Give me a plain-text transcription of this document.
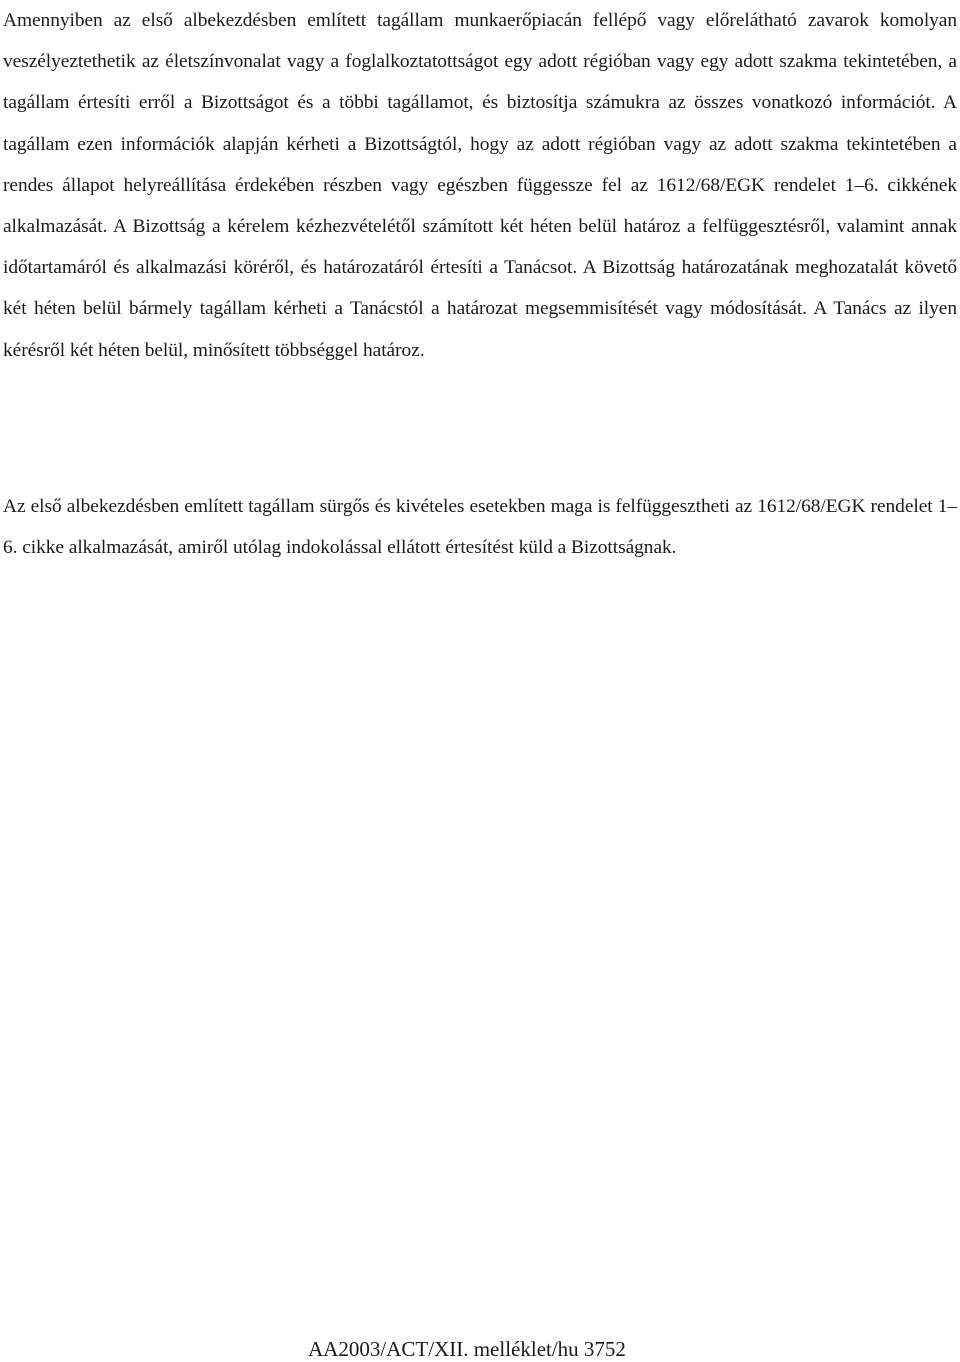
Amennyiben az első albekezdésben említett tagállam munkaerőpiacán fellépő vagy előrelátható zavarok komolyan veszélyeztethetik az életszínvonalat vagy a foglalkoztatottságot egy adott régióban vagy egy adott szakma tekintetében, a tagállam értesíti erről a Bizottságot és a többi tagállamot, és biztosítja számukra az összes vonatkozó információt. A tagállam ezen információk alapján kérheti a Bizottságtól, hogy az adott régióban vagy az adott szakma tekintetében a rendes állapot helyreállítása érdekében részben vagy egészben függessze fel az 1612/68/EGK rendelet 1–6. cikkének alkalmazását. A Bizottság a kérelem kézhezvételétől számított két héten belül határoz a felfüggesztésről, valamint annak időtartamáról és alkalmazási köréről, és határozatáról értesíti a Tanácsot. A Bizottság határozatának meghozatalát követő két héten belül bármely tagállam kérheti a Tanácstól a határozat megsemmisítését vagy módosítását. A Tanács az ilyen kérésről két héten belül, minősített többséggel határoz.

Az első albekezdésben említett tagállam sürgős és kivételes esetekben maga is felfüggesztheti az 1612/68/EGK rendelet 1–6. cikke alkalmazását, amiről utólag indokolással ellátott értesítést küld a Bizottságnak.

AA2003/ACT/XII. melléklet/hu 3752
